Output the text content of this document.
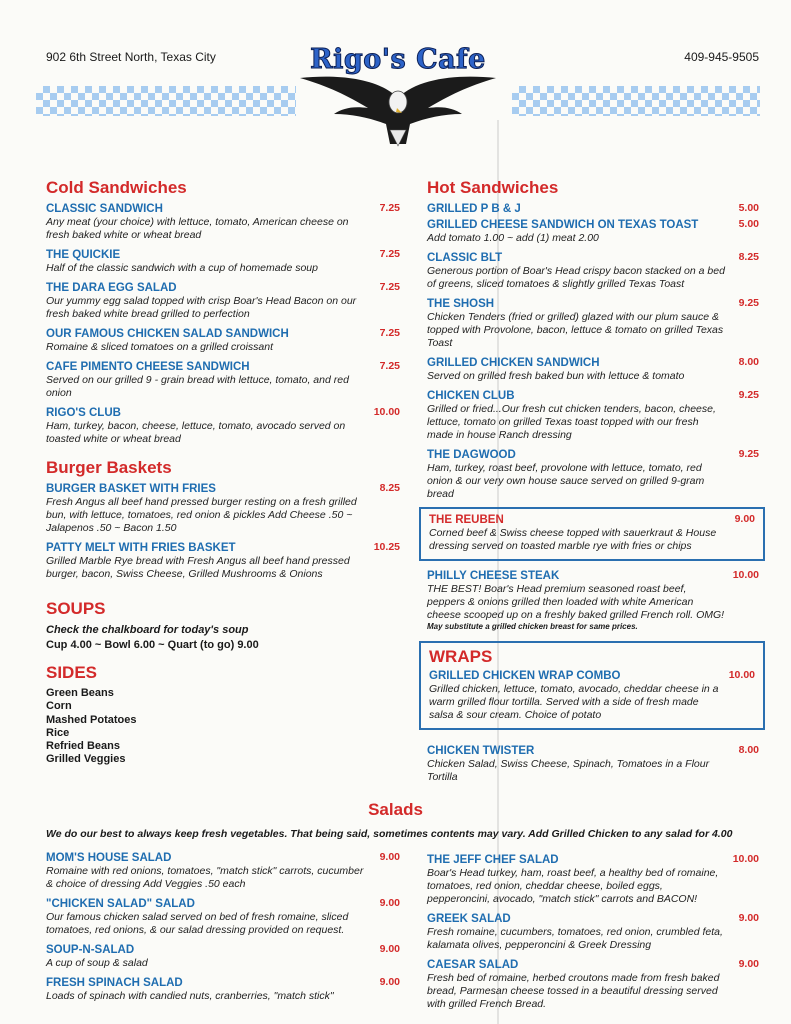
902 6th Street North, Texas City	409-945-9505
Rigo's Cafe
Cold Sandwiches
CLASSIC SANDWICH	7.25
Any meat (your choice) with lettuce, tomato, American cheese on fresh baked white or wheat bread
THE QUICKIE	7.25
Half of the classic sandwich with a cup of homemade soup
THE DARA EGG SALAD	7.25
Our yummy egg salad topped with crisp Boar's Head Bacon on our fresh baked white bread grilled to perfection
OUR FAMOUS CHICKEN SALAD SANDWICH	7.25
Romaine & sliced tomatoes on a grilled croissant
CAFE PIMENTO CHEESE SANDWICH	7.25
Served on our grilled 9 - grain bread with lettuce, tomato, and red onion
RIGO'S CLUB	10.00
Ham, turkey, bacon, cheese, lettuce, tomato, avocado served on toasted white or wheat bread
Burger Baskets
BURGER BASKET WITH FRIES	8.25
Fresh Angus all beef hand pressed burger resting on a fresh grilled bun, with lettuce, tomatoes, red onion & pickles Add Cheese .50 ~ Jalapenos .50 ~ Bacon 1.50
PATTY MELT WITH FRIES BASKET	10.25
Grilled Marble Rye bread with Fresh Angus all beef hand pressed burger, bacon, Swiss Cheese, Grilled Mushrooms & Onions
SOUPS
Check the chalkboard for today's soup
Cup 4.00 ~ Bowl 6.00 ~ Quart (to go) 9.00
SIDES
Green Beans
Corn
Mashed Potatoes
Rice
Refried Beans
Grilled Veggies
Hot Sandwiches
GRILLED P B & J	5.00
GRILLED CHEESE SANDWICH ON TEXAS TOAST	5.00
Add tomato 1.00 ~ add (1) meat 2.00
CLASSIC BLT	8.25
Generous portion of Boar's Head crispy bacon stacked on a bed of greens, sliced tomatoes & slightly grilled Texas Toast
THE SHOSH	9.25
Chicken Tenders (fried or grilled) glazed with our plum sauce & topped with Provolone, bacon, lettuce & tomato on grilled Texas Toast
GRILLED CHICKEN SANDWICH	8.00
Served on grilled fresh baked bun with lettuce & tomato
CHICKEN CLUB	9.25
Grilled or fried...Our fresh cut chicken tenders, bacon, cheese, lettuce, tomato on grilled Texas toast topped with our fresh made in house Ranch dressing
THE DAGWOOD	9.25
Ham, turkey, roast beef, provolone with lettuce, tomato, red onion & our very own house sauce served on grilled 9-gram bread
THE REUBEN	9.00
Corned beef & Swiss cheese topped with sauerkraut & House dressing served on toasted marble rye with fries or chips
PHILLY CHEESE STEAK	10.00
THE BEST! Boar's Head premium seasoned roast beef, peppers & onions grilled then loaded with white American cheese scooped up on a freshly baked grilled French roll. OMG!
May substitute a grilled chicken breast for same prices.
WRAPS
GRILLED CHICKEN WRAP COMBO	10.00
Grilled chicken, lettuce, tomato, avocado, cheddar cheese in a warm grilled flour tortilla. Served with a side of fresh made salsa & sour cream. Choice of potato
CHICKEN TWISTER	8.00
Chicken Salad, Swiss Cheese, Spinach, Tomatoes in a Flour Tortilla
Salads
We do our best to always keep fresh vegetables. That being said, sometimes contents may vary. Add Grilled Chicken to any salad for 4.00
MOM'S HOUSE SALAD	9.00
Romaine with red onions, tomatoes, "match stick" carrots, cucumber & choice of dressing Add Veggies .50 each
"CHICKEN SALAD" SALAD	9.00
Our famous chicken salad served on bed of fresh romaine, sliced tomatoes, red onions, & our salad dressing provided on request.
SOUP-N-SALAD	9.00
A cup of soup & salad
FRESH SPINACH SALAD	9.00
Loads of spinach with candied nuts, cranberries, "match stick"
THE JEFF CHEF SALAD	10.00
Boar's Head turkey, ham, roast beef, a healthy bed of romaine, tomatoes, red onion, cheddar cheese, boiled eggs, pepperoncini, avocado, "match stick" carrots and BACON!
GREEK SALAD	9.00
Fresh romaine, cucumbers, tomatoes, red onion, crumbled feta, kalamata olives, pepperoncini & Greek Dressing
CAESAR SALAD	9.00
Fresh bed of romaine, herbed croutons made from fresh baked bread, Parmesan cheese tossed in a beautiful dressing served with grilled French Bread.
